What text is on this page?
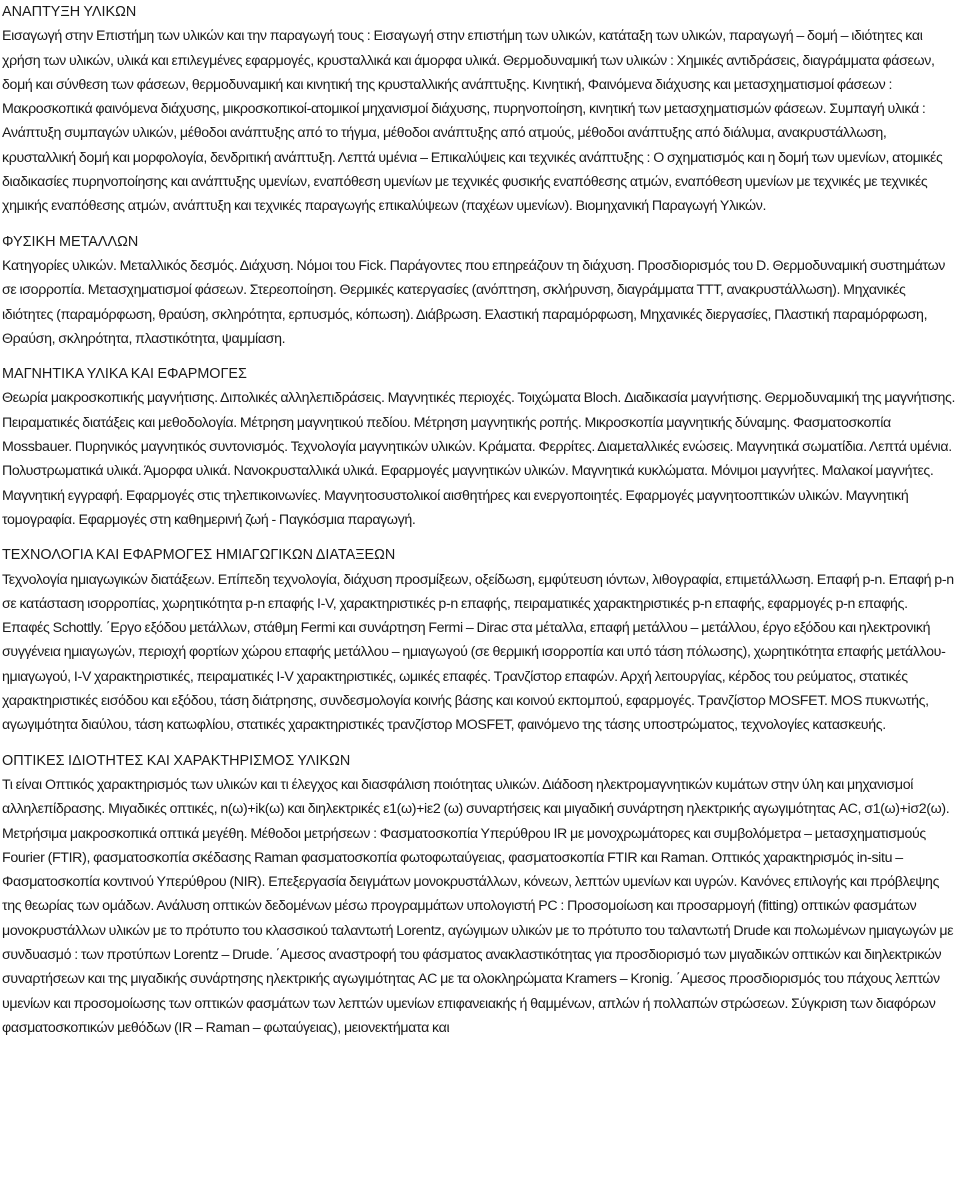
ΑΝΑΠΤΥΞΗ ΥΛΙΚΩΝ

Εισαγωγή στην Επιστήμη των υλικών και την παραγωγή τους : Εισαγωγή στην επιστήμη των υλικών, κατάταξη των υλικών, παραγωγή – δομή – ιδιότητες και χρήση των υλικών, υλικά και επιλεγμένες εφαρμογές, κρυσταλλικά και άμορφα υλικά. Θερμοδυναμική των υλικών : Χημικές αντιδράσεις, διαγράμματα φάσεων, δομή και σύνθεση των φάσεων, θερμοδυναμική και κινητική της κρυσταλλικής ανάπτυξης. Κινητική, Φαινόμενα διάχυσης και μετασχηματισμοί φάσεων : Μακροσκοπικά φαινόμενα διάχυσης, μικροσκοπικοί-ατομικοί μηχανισμοί διάχυσης, πυρηνοποίηση, κινητική των μετασχηματισμών φάσεων. Συμπαγή υλικά : Ανάπτυξη συμπαγών υλικών, μέθοδοι ανάπτυξης από το τήγμα, μέθοδοι ανάπτυξης από ατμούς, μέθοδοι ανάπτυξης από διάλυμα, ανακρυστάλλωση, κρυσταλλική δομή και μορφολογία, δενδριτική ανάπτυξη. Λεπτά υμένια – Επικαλύψεις και τεχνικές ανάπτυξης : Ο σχηματισμός και η δομή των υμενίων, ατομικές διαδικασίες πυρηνοποίησης και ανάπτυξης υμενίων, εναπόθεση υμενίων με τεχνικές φυσικής εναπόθεσης ατμών, εναπόθεση υμενίων με τεχνικές με τεχνικές χημικής εναπόθεσης ατμών, ανάπτυξη και τεχνικές παραγωγής επικαλύψεων (παχέων υμενίων). Βιομηχανική Παραγωγή Υλικών.

ΦΥΣΙΚΗ ΜΕΤΑΛΛΩΝ

Κατηγορίες υλικών. Μεταλλικός δεσμός. Διάχυση. Νόμοι του Fick. Παράγοντες που επηρεάζουν τη διάχυση. Προσδιορισμός του D. Θερμοδυναμική συστημάτων σε ισορροπία. Μετασχηματισμοί φάσεων. Στερεοποίηση. Θερμικές κατεργασίες (ανόπτηση, σκλήρυνση, διαγράμματα ΤΤΤ, ανακρυστάλλωση). Μηχανικές ιδιότητες (παραμόρφωση, θραύση, σκληρότητα, ερπυσμός, κόπωση). Διάβρωση. Ελαστική παραμόρφωση, Μηχανικές διεργασίες, Πλαστική παραμόρφωση, Θραύση, σκληρότητα, πλαστικότητα, ψαμμίαση.

ΜΑΓΝΗΤΙΚΑ ΥΛΙΚΑ ΚΑΙ ΕΦΑΡΜΟΓΕΣ

Θεωρία μακροσκοπικής μαγνήτισης. Διπολικές αλληλεπιδράσεις. Μαγνητικές περιοχές. Τοιχώματα Bloch. Διαδικασία μαγνήτισης. Θερμοδυναμική της μαγνήτισης. Πειραματικές διατάξεις και μεθοδολογία. Μέτρηση μαγνητικού πεδίου. Μέτρηση μαγνητικής ροπής. Μικροσκοπία μαγνητικής δύναμης. Φασματοσκοπία Mossbauer. Πυρηνικός μαγνητικός συντονισμός. Τεχνολογία μαγνητικών υλικών. Κράματα. Φερρίτες. Διαμεταλλικές ενώσεις. Μαγνητικά σωματίδια. Λεπτά υμένια. Πολυστρωματικά υλικά. Άμορφα υλικά. Νανοκρυσταλλικά υλικά. Εφαρμογές μαγνητικών υλικών. Μαγνητικά κυκλώματα. Μόνιμοι μαγνήτες. Μαλακοί μαγνήτες. Μαγνητική εγγραφή. Εφαρμογές στις τηλεπικοινωνίες. Μαγνητοσυστολικοί αισθητήρες και ενεργοποιητές. Εφαρμογές μαγνητοοπτικών υλικών. Μαγνητική τομογραφία. Εφαρμογές στη καθημερινή ζωή - Παγκόσμια παραγωγή.

ΤΕΧΝΟΛΟΓΙΑ ΚΑΙ ΕΦΑΡΜΟΓΕΣ ΗΜΙΑΓΩΓΙΚΩΝ ΔΙΑΤΑΞΕΩΝ

Τεχνολογία ημιαγωγικών διατάξεων. Επίπεδη τεχνολογία, διάχυση προσμίξεων, οξείδωση, εμφύτευση ιόντων, λιθογραφία, επιμετάλλωση. Επαφή p-n. Επαφή p-n σε κατάσταση ισορροπίας, χωρητικότητα p-n επαφής I-V, χαρακτηριστικές p-n επαφής, πειραματικές χαρακτηριστικές p-n επαφής, εφαρμογές p-n επαφής. Επαφές Schottly. ΄Εργο εξόδου μετάλλων, στάθμη Fermi και συνάρτηση Fermi – Dirac στα μέταλλα, επαφή μετάλλου – μετάλλου, έργο εξόδου και ηλεκτρονική συγγένεια ημιαγωγών, περιοχή φορτίων χώρου επαφής μετάλλου – ημιαγωγού (σε θερμική ισορροπία και υπό τάση πόλωσης), χωρητικότητα επαφής μετάλλου-ημιαγωγού, I-V χαρακτηριστικές, πειραματικές I-V χαρακτηριστικές, ωμικές επαφές. Τρανζίστορ επαφών. Αρχή λειτουργίας, κέρδος του ρεύματος, στατικές χαρακτηριστικές εισόδου και εξόδου, τάση διάτρησης, συνδεσμολογία κοινής βάσης και κοινού εκπομπού, εφαρμογές. Τρανζίστορ MOSFET. MOS πυκνωτής, αγωγιμότητα διαύλου, τάση κατωφλίου, στατικές χαρακτηριστικές τρανζίστορ MOSFET, φαινόμενο της τάσης υποστρώματος, τεχνολογίες κατασκευής.

ΟΠΤΙΚΕΣ ΙΔΙΟΤΗΤΕΣ ΚΑΙ ΧΑΡΑΚΤΗΡΙΣΜΟΣ ΥΛΙΚΩΝ

Τι είναι Οπτικός χαρακτηρισμός των υλικών και τι έλεγχος και διασφάλιση ποιότητας υλικών. Διάδοση ηλεκτρομαγνητικών κυμάτων στην ύλη και μηχανισμοί αλληλεπίδρασης. Μιγαδικές οπτικές, n(ω)+ik(ω) και διηλεκτρικές ε1(ω)+iε2 (ω) συναρτήσεις και μιγαδική συνάρτηση ηλεκτρικής αγωγιμότητας AC, σ1(ω)+iσ2(ω). Μετρήσιμα μακροσκοπικά οπτικά μεγέθη. Μέθοδοι μετρήσεων : Φασματοσκοπία Υπερύθρου IR με μονοχρωμάτορες και συμβολόμετρα – μετασχηματισμούς Fourier (FTIR), φασματοσκοπία σκέδασης Raman φασματοσκοπία φωτοφωταύγειας, φασματοσκοπία FTIR και Raman. Οπτικός χαρακτηρισμός in-situ – Φασματοσκοπία κοντινού Υπερύθρου (NIR). Επεξεργασία δειγμάτων μονοκρυστάλλων, κόνεων, λεπτών υμενίων και υγρών. Κανόνες επιλογής και πρόβλεψης της θεωρίας των ομάδων. Ανάλυση οπτικών δεδομένων μέσω προγραμμάτων υπολογιστή PC : Προσομοίωση και προσαρμογή (fitting) οπτικών φασμάτων μονοκρυστάλλων υλικών με το πρότυπο του κλασσικού ταλαντωτή Lorentz, αγώγιμων υλικών με το πρότυπο του ταλαντωτή Drude και πολωμένων ημιαγωγών με συνδυασμό : των προτύπων Lorentz – Drude. ΄Αμεσος αναστροφή του φάσματος ανακλαστικότητας για προσδιορισμό των μιγαδικών οπτικών και διηλεκτρικών συναρτήσεων και της μιγαδικής συνάρτησης ηλεκτρικής αγωγιμότητας AC με τα ολοκληρώματα Kramers – Kronig. ΄Αμεσος προσδιορισμός του πάχους λεπτών υμενίων και προσομοίωσης των οπτικών φασμάτων των λεπτών υμενίων επιφανειακής ή θαμμένων, απλών ή πολλαπών στρώσεων. Σύγκριση των διαφόρων φασματοσκοπικών μεθόδων (IR – Raman – φωταύγειας), μειονεκτήματα και
